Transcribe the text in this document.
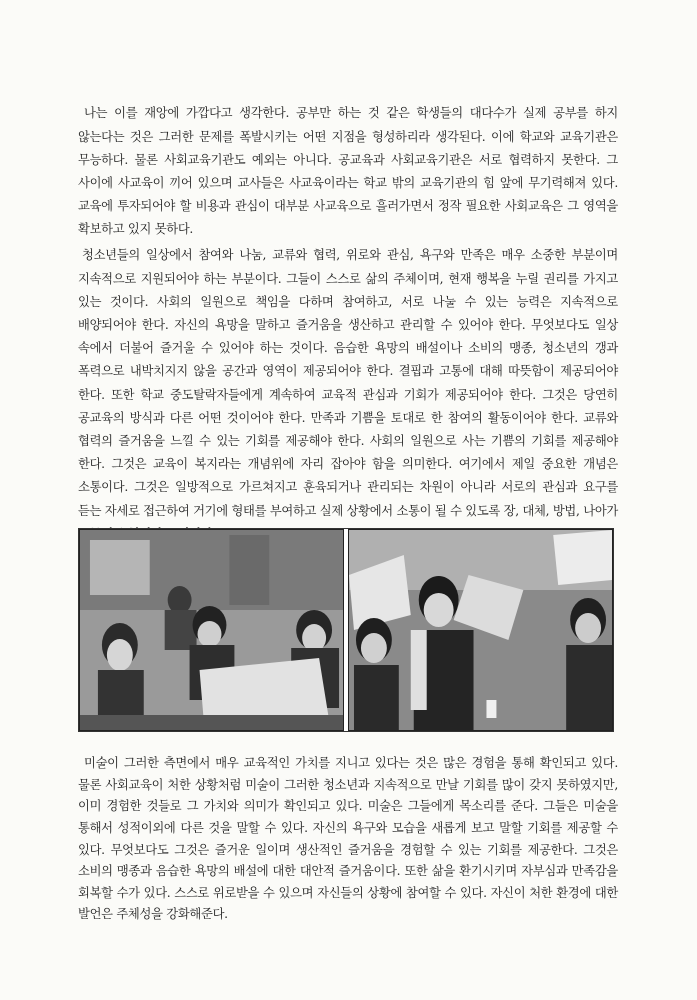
나는 이를 재앙에 가깝다고 생각한다. 공부만 하는 것 같은 학생들의 대다수가 실제 공부를 하지 않는다는 것은 그러한 문제를 폭발시키는 어떤 지점을 형성하리라 생각된다. 이에 학교와 교육기관은 무능하다. 물론 사회교육기관도 예외는 아니다. 공교육과 사회교육기관은 서로 협력하지 못한다. 그 사이에 사교육이 끼어 있으며 교사들은 사교육이라는 학교 밖의 교육기관의 힘 앞에 무기력해져 있다. 교육에 투자되어야 할 비용과 관심이 대부분 사교육으로 흘러가면서 정작 필요한 사회교육은 그 영역을 확보하고 있지 못하다.

청소년들의 일상에서 참여와 나눔, 교류와 협력, 위로와 관심, 욕구와 만족은 매우 소중한 부분이며 지속적으로 지원되어야 하는 부분이다. 그들이 스스로 삶의 주체이며, 현재 행복을 누릴 권리를 가지고 있는 것이다. 사회의 일원으로 책임을 다하며 참여하고, 서로 나눌 수 있는 능력은 지속적으로 배양되어야 한다. 자신의 욕망을 말하고 즐거움을 생산하고 관리할 수 있어야 한다. 무엇보다도 일상 속에서 더불어 즐거울 수 있어야 하는 것이다. 음습한 욕망의 배설이나 소비의 맹종, 청소년의 갱과 폭력으로 내박치지지 않을 공간과 영역이 제공되어야 한다. 결핍과 고통에 대해 따뜻함이 제공되어야 한다. 또한 학교 중도탈락자들에게 계속하여 교육적 관심과 기회가 제공되어야 한다. 그것은 당연히 공교육의 방식과 다른 어떤 것이어야 한다. 만족과 기쁨을 토대로 한 참여의 활동이어야 한다. 교류와 협력의 즐거움을 느낄 수 있는 기회를 제공해야 한다. 사회의 일원으로 사는 기쁨의 기회를 제공해야 한다. 그것은 교육이 복지라는 개념위에 자리 잡아야 함을 의미한다. 여기에서 제일 중요한 개념은 소통이다. 그것은 일방적으로 가르쳐지고 훈육되거나 관리되는 차원이 아니라 서로의 관심과 요구를 듣는 자세로 접근하여 거기에 형태를 부여하고 실제 상황에서 소통이 될 수 있도록 장, 대체, 방법, 나아가

미술이 그러한 측면에서 매우 교육적인 가치를 지니고 있다는 것은 많은 경험을 통해 확인되고 있다. 물론 사회교육이 처한 상황처럼 미술이 그러한 청소년과 지속적으로 만날 기회를 많이 갖지 못하였지만, 이미 경험한 것들로 그 가치와 의미가 확인되고 있다. 미술은 그들에게 목소리를 준다. 그들은 미술을 통해서 성적이외에 다른 것을 말할 수 있다. 자신의 욕구와 모습을 새롭게 보고 말할 기회를 제공할 수 있다. 무엇보다도 그것은 즐거운 일이며 생산적인 즐거움을 경험할 수 있는 기회를 제공한다. 그것은 소비의 맹종과 음습한 욕망의 배설에 대한 대안적 즐거움이다. 또한 삶을 환기시키며 자부심과 만족감을 회복할 수가 있다. 스스로 위로받을 수 있으며 자신들의 상황에 참여할 수 있다. 자신이 처한 환경에 대한 발언은 주체성을 강화해준다.
